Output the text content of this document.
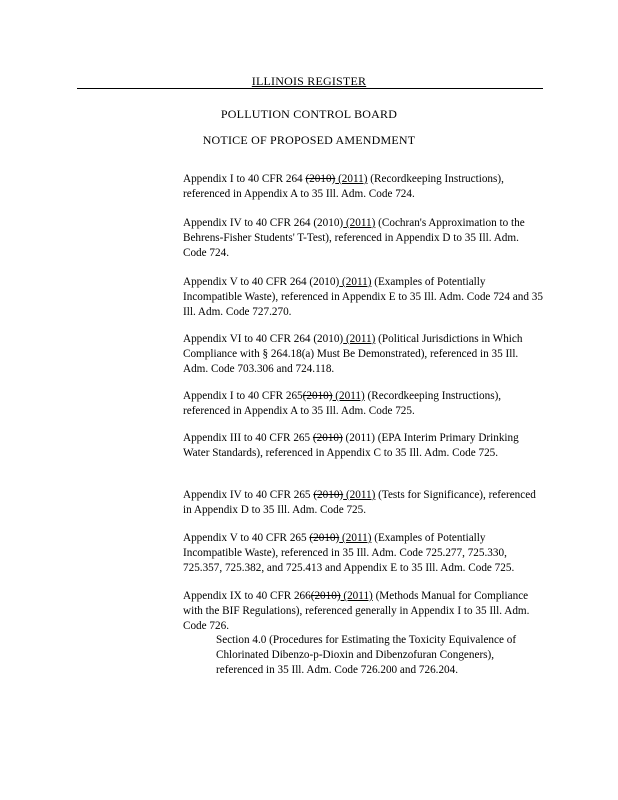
ILLINOIS REGISTER
POLLUTION CONTROL BOARD
NOTICE OF PROPOSED AMENDMENT
Appendix I to 40 CFR 264 (2010) (2011) (Recordkeeping Instructions), referenced in Appendix A to 35 Ill. Adm. Code 724.
Appendix IV to 40 CFR 264 (2010) (2011) (Cochran's Approximation to the Behrens-Fisher Students' T-Test), referenced in Appendix D to 35 Ill. Adm. Code 724.
Appendix V to 40 CFR 264 (2010) (2011) (Examples of Potentially Incompatible Waste), referenced in Appendix E to 35 Ill. Adm. Code 724 and 35 Ill. Adm. Code 727.270.
Appendix VI to 40 CFR 264 (2010) (2011) (Political Jurisdictions in Which Compliance with § 264.18(a) Must Be Demonstrated), referenced in 35 Ill. Adm. Code 703.306 and 724.118.
Appendix I to 40 CFR 265(2010) (2011) (Recordkeeping Instructions), referenced in Appendix A to 35 Ill. Adm. Code 725.
Appendix III to 40 CFR 265 (2010) (2011) (EPA Interim Primary Drinking Water Standards), referenced in Appendix C to 35 Ill. Adm. Code 725.
Appendix IV to 40 CFR 265 (2010) (2011) (Tests for Significance), referenced in Appendix D to 35 Ill. Adm. Code 725.
Appendix V to 40 CFR 265 (2010) (2011) (Examples of Potentially Incompatible Waste), referenced in 35 Ill. Adm. Code 725.277, 725.330, 725.357, 725.382, and 725.413 and Appendix E to 35 Ill. Adm. Code 725.
Appendix IX to 40 CFR 266(2010) (2011) (Methods Manual for Compliance with the BIF Regulations), referenced generally in Appendix I to 35 Ill. Adm. Code 726.
Section 4.0 (Procedures for Estimating the Toxicity Equivalence of Chlorinated Dibenzo-p-Dioxin and Dibenzofuran Congeners), referenced in 35 Ill. Adm. Code 726.200 and 726.204.
